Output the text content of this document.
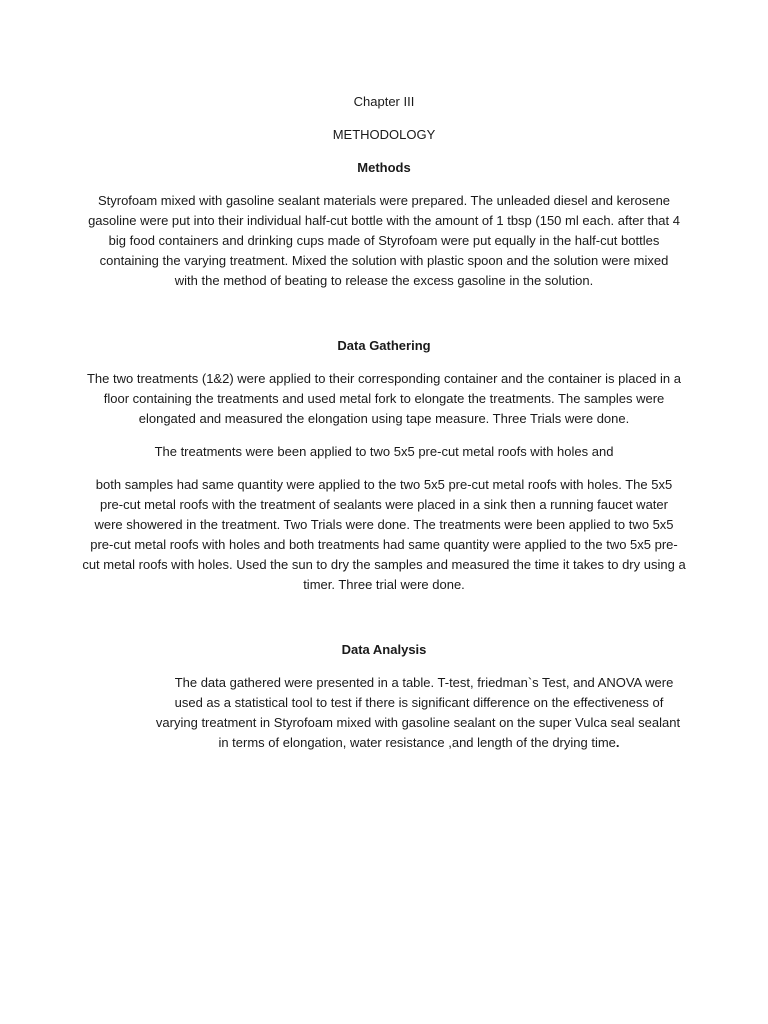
Chapter III
METHODOLOGY
Methods
Styrofoam mixed with gasoline sealant materials were prepared. The unleaded diesel and kerosene
gasoline were put into their individual half-cut bottle with the amount of 1 tbsp (150 ml each. after that 4
big food containers and drinking cups made of Styrofoam were put equally in the half-cut bottles
containing the varying treatment. Mixed the solution with plastic spoon and the solution were mixed
with the method of beating to release the excess gasoline in the solution.
Data Gathering
The two treatments (1&2) were applied to their corresponding container and the container is placed in a
floor containing the treatments and used metal fork to elongate the treatments. The samples were
elongated and measured the elongation using tape measure. Three Trials were done.
The treatments were been applied to two 5x5 pre-cut metal roofs with holes and
both samples had same quantity were applied to the two 5x5 pre-cut metal roofs with holes. The 5x5
pre-cut metal roofs with the treatment of sealants were placed in a sink then a running faucet water
were showered in the treatment. Two Trials were done. The treatments were been applied to two 5x5
pre-cut metal roofs with holes and both treatments had same quantity were applied to the two 5x5 pre-
cut metal roofs with holes. Used the sun to dry the samples and measured the time it takes to dry using a
timer. Three trial were done.
Data Analysis
The data gathered were presented in a table. T-test, friedman`s Test, and ANOVA were
used as a statistical tool to test if there is significant difference on the effectiveness of
varying treatment in Styrofoam mixed with gasoline sealant on the super Vulca seal sealant
in terms of elongation, water resistance ,and length of the drying time.
